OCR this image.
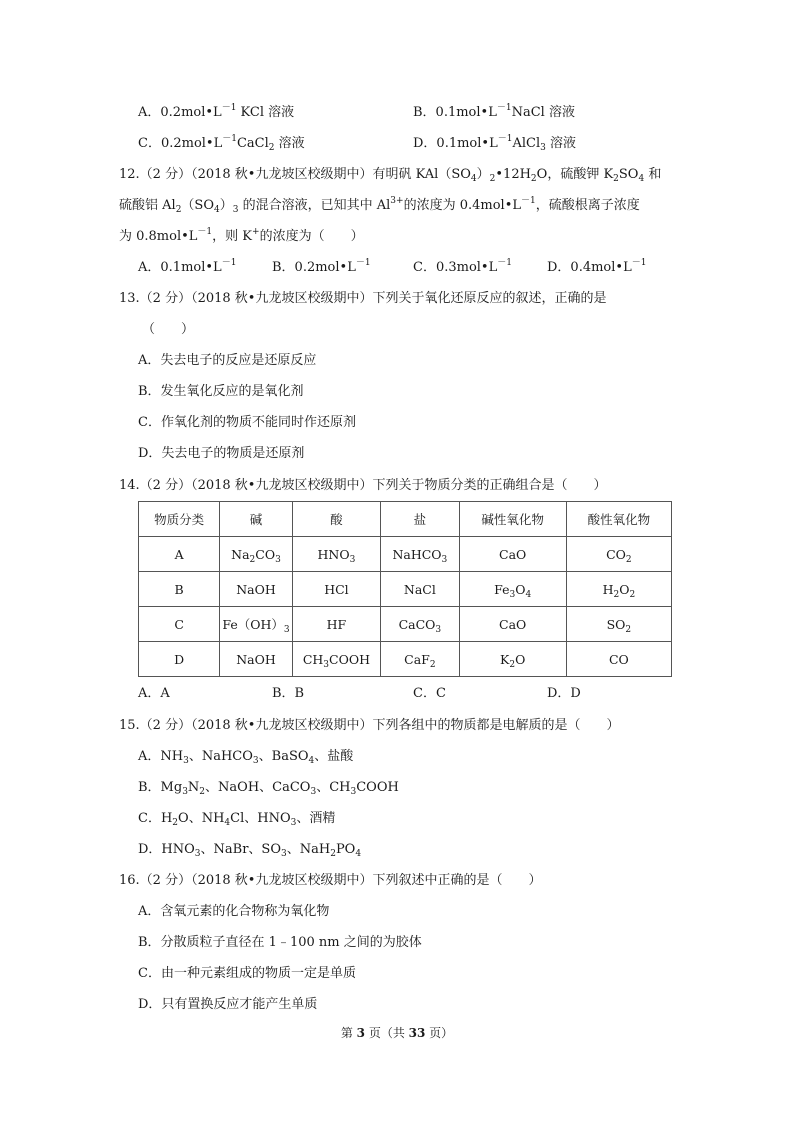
A．$0.2mol•L^{-1}$ KCl 溶液	B．$0.1mol•L^{-1}NaCl$ 溶液
C．$0.2mol•L^{-1}CaCl_2$ 溶液	D．$0.1mol•L^{-1}AlCl_3$ 溶液
12.（2 分）（2018 秋•九龙坡区校级期中）有明矾 $KAl(SO_4)_2•12H_2O$，硫酸钾 $K_2SO_4$ 和
硫酸铝 $Al_2(SO_4)_3$ 的混合溶液，已知其中 $Al^{3+}$的浓度为 $0.4mol•L^{-1}$，硫酸根离子浓度
为 $0.8mol•L^{-1}$，则 K+的浓度为（　　）
A．$0.1mol•L^{-1}$	B．$0.2mol•L^{-1}$	C．$0.3mol•L^{-1}$	D．$0.4mol•L^{-1}$
13.（2 分）（2018 秋•九龙坡区校级期中）下列关于氧化还原反应的叙述，正确的是
（　　）
A．失去电子的反应是还原反应
B．发生氧化反应的是氧化剂
C．作氧化剂的物质不能同时作还原剂
D．失去电子的物质是还原剂
14.（2 分）（2018 秋•九龙坡区校级期中）下列关于物质分类的正确组合是（　　）
物质分类	碱	酸	盐	碱性氧化物	酸性氧化物
A	$Na_2CO_3$	$HNO_3$	NaHCO$_3$	CaO	$CO_2$
B	NaOH	HCl	NaCl	$Fe_3O_4$	$H_2O_2$
C	$Fe(OH)_3$	HF	CaCO$_3$	CaO	$SO_2$
D	NaOH	$CH_3COOH$	CaF$_2$	$K_2O$	CO
A．A	B．B	C．C	D．D
15.（2 分）（2018 秋•九龙坡区校级期中）下列各组中的物质都是电解质的是（　　）
A．$NH_3$、NaHCO$_3$、BaSO$_4$、盐酸
B．$Mg_3N_2$、NaOH、CaCO$_3$、$CH_3COOH$
C．$H_2O$、$NH_4Cl$、$HNO_3$、酒精
D．$HNO_3$、NaBr、$SO_3$、$NaH_2PO_4$
16.（2 分）（2018 秋•九龙坡区校级期中）下列叙述中正确的是（　　）
A．含氧元素的化合物称为氧化物
B．分散质粒子直径在 1﹣100 nm 之间的为胶体
C．由一种元素组成的物质一定是单质
D．只有置换反应才能产生单质
第 3 页（共 33 页）
